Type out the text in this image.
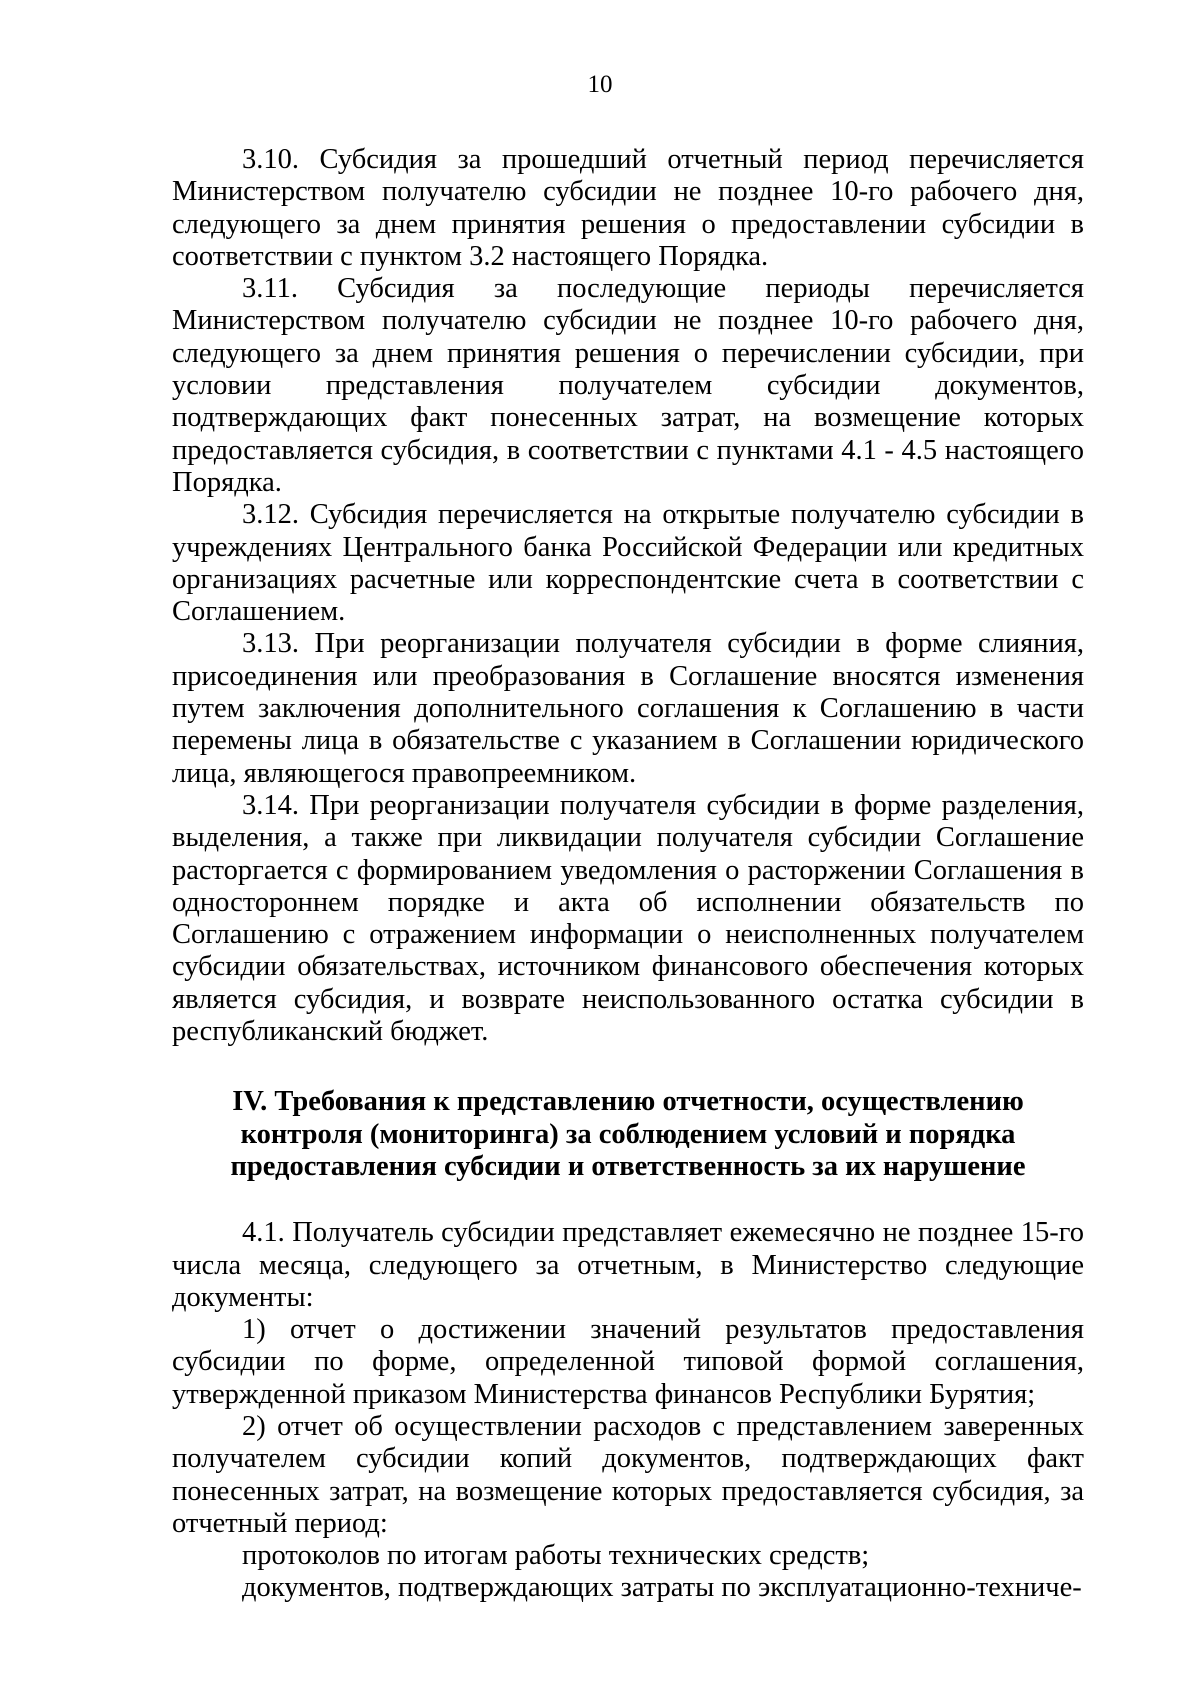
10

3.10. Субсидия за прошедший отчетный период перечисляется Министерством получателю субсидии не позднее 10-го рабочего дня, следующего за днем принятия решения о предоставлении субсидии в соответствии с пунктом 3.2 настоящего Порядка.

3.11. Субсидия за последующие периоды перечисляется Министерством получателю субсидии не позднее 10-го рабочего дня, следующего за днем принятия решения о перечислении субсидии, при условии представления получателем субсидии документов, подтверждающих факт понесенных затрат, на возмещение которых предоставляется субсидия, в соответствии с пунктами 4.1 - 4.5 настоящего Порядка.

3.12. Субсидия перечисляется на открытые получателю субсидии в учреждениях Центрального банка Российской Федерации или кредитных организациях расчетные или корреспондентские счета в соответствии с Соглашением.

3.13. При реорганизации получателя субсидии в форме слияния, присоединения или преобразования в Соглашение вносятся изменения путем заключения дополнительного соглашения к Соглашению в части перемены лица в обязательстве с указанием в Соглашении юридического лица, являющегося правопреемником.

3.14. При реорганизации получателя субсидии в форме разделения, выделения, а также при ликвидации получателя субсидии Соглашение расторгается с формированием уведомления о расторжении Соглашения в одностороннем порядке и акта об исполнении обязательств по Соглашению с отражением информации о неисполненных получателем субсидии обязательствах, источником финансового обеспечения которых является субсидия, и возврате неиспользованного остатка субсидии в республиканский бюджет.

IV. Требования к представлению отчетности, осуществлению
контроля (мониторинга) за соблюдением условий и порядка
предоставления субсидии и ответственность за их нарушение

4.1. Получатель субсидии представляет ежемесячно не позднее 15-го числа месяца, следующего за отчетным, в Министерство следующие документы:

1) отчет о достижении значений результатов предоставления субсидии по форме, определенной типовой формой соглашения, утвержденной приказом Министерства финансов Республики Бурятия;

2) отчет об осуществлении расходов с представлением заверенных получателем субсидии копий документов, подтверждающих факт понесенных затрат, на возмещение которых предоставляется субсидия, за отчетный период:

протоколов по итогам работы технических средств;

документов, подтверждающих затраты по эксплуатационно-техниче-
